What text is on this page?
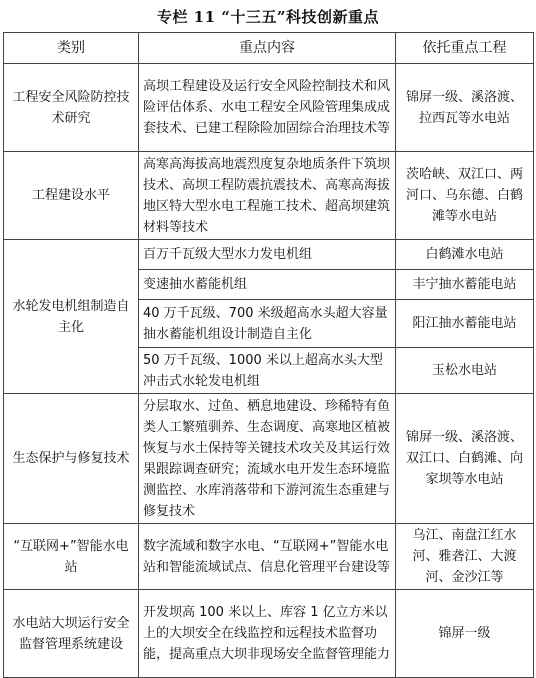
专栏 11 “十三五”科技创新重点
类别	重点内容	依托重点工程
工程安全风险防控技术研究	高坝工程建设及运行安全风险控制技术和风险评估体系、水电工程安全风险管理集成成套技术、已建工程除险加固综合治理技术等	锦屏一级、溪洛渡、拉西瓦等水电站
工程建设水平	高寒高海拔高地震烈度复杂地质条件下筑坝技术、高坝工程防震抗震技术、高寒高海拔地区特大型水电工程施工技术、超高坝建筑材料等技术	茨哈峡、双江口、两河口、乌东德、白鹤滩等水电站
水轮发电机组制造自主化	百万千瓦级大型水力发电机组	白鹤滩水电站
	变速抽水蓄能机组	丰宁抽水蓄能电站
	40 万千瓦级、700 米级超高水头超大容量抽水蓄能机组设计制造自主化	阳江抽水蓄能电站
	50 万千瓦级、1000 米以上超高水头大型冲击式水轮发电机组	玉松水电站
生态保护与修复技术	分层取水、过鱼、栖息地建设、珍稀特有鱼类人工繁殖驯养、生态调度、高寒地区植被恢复与水土保持等关键技术攻关及其运行效果跟踪调查研究；流域水电开发生态环境监测监控、水库消落带和下游河流生态重建与修复技术	锦屏一级、溪洛渡、双江口、白鹤滩、向家坝等水电站
“互联网+”智能水电站	数字流域和数字水电、“互联网+”智能水电站和智能流域试点、信息化管理平台建设等	乌江、南盘江红水河、雅砻江、大渡河、金沙江等
水电站大坝运行安全监督管理系统建设	开发坝高 100 米以上、库容 1 亿立方米以上的大坝安全在线监控和远程技术监督功能，提高重点大坝非现场安全监督管理能力	锦屏一级
